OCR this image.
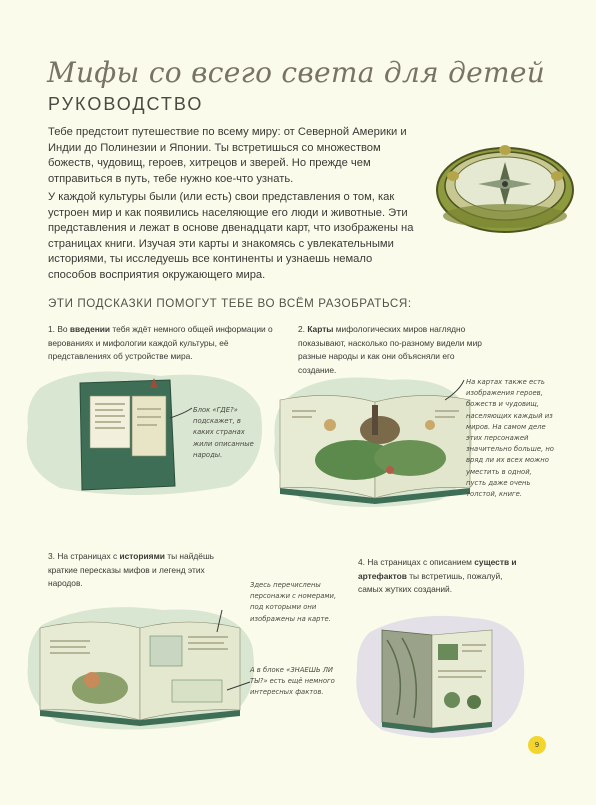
Мифы со всего света для детей
РУКОВОДСТВО

Тебе предстоит путешествие по всему миру: от Северной Америки и Индии до Полинезии и Японии. Ты встретишься со множеством божеств, чудовищ, героев, хитрецов и зверей. Но прежде чем отправиться в путь, тебе нужно кое-что узнать.

У каждой культуры были (или есть) свои представления о том, как устроен мир и как появились населяющие его люди и животные. Эти представления и лежат в основе двенадцати карт, что изображены на страницах книги. Изучая эти карты и знакомясь с увлекательными историями, ты исследуешь все континенты и узнаешь немало способов восприятия окружающего мира.

ЭТИ ПОДСКАЗКИ ПОМОГУТ ТЕБЕ ВО ВСЁМ РАЗОБРАТЬСЯ:

1. Во введении тебя ждёт немного общей информации о верованиях и мифологии каждой культуры, её представлениях об устройстве мира.

2. Карты мифологических миров наглядно показывают, насколько по-разному видели мир разные народы и как они объясняли его создание.

Блок «ГДЕ?» подскажет, в каких странах жили описанные народы.

На картах также есть изображения героев, божеств и чудовищ, населяющих каждый из миров. На самом деле этих персонажей значительно больше, но вряд ли их всех можно уместить в одной, пусть даже очень толстой, книге.

3. На страницах с историями ты найдёшь краткие пересказы мифов и легенд этих народов.	Здесь перечислены персонажи с номерами, под которыми они изображены на карте.

А в блоке «ЗНАЕШЬ ЛИ ТЫ?» есть ещё немного интересных фактов.

4. На страницах с описанием существ и артефактов ты встретишь, пожалуй, самых жутких созданий.

9
